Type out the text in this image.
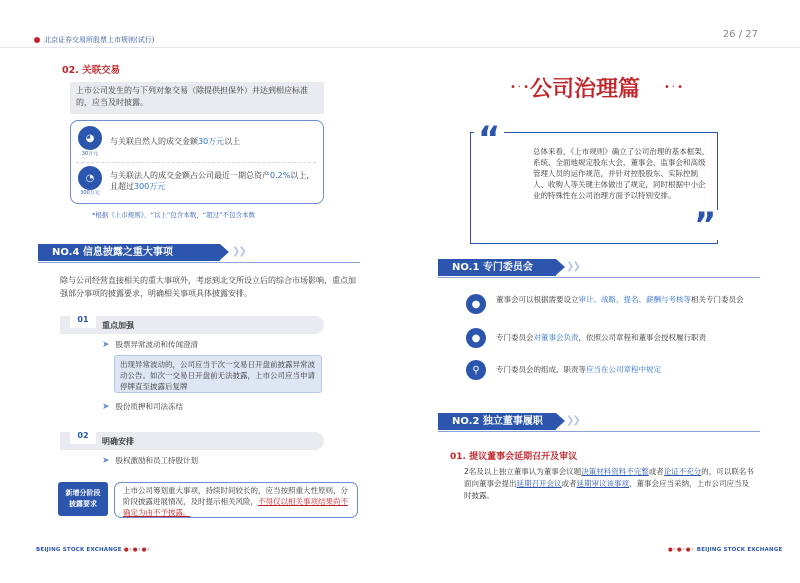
北京证券交易所股票上市规则(试行)	26 / 27
02. 关联交易
上市公司发生的与下列对象交易（除提供担保外）并达到相应标准的，应当及时披露。
◕
30万元
与关联自然人的成交金额30万元以上
◔
0.2%
300万元
与关联法人的成交金额占公司最近一期总资产0.2%以上，且超过300万元
*根据《上市规则》，“以上”包含本数，“超过”不包含本数
NO.4 信息披露之重大事项	❯❯
除与公司经营直接相关的重大事项外，考虑到北交所设立后的综合市场影响，重点加强部分事项的披露要求，明确相关事项具体披露安排。
01
重点加强
➤ 股票异常波动和传闻澄清
出现异常波动的，公司应当于次一交易日开盘前披露异常波动公告。如次一交易日开盘前无法披露，上市公司应当申请停牌直至披露后复牌
➤ 股份质押和司法冻结
02
明确安排
➤ 股权激励和员工持股计划
新增分阶段
披露要求
上市公司筹划重大事项，持续时间较长的，应当按照重大性原则，分阶段披露进展情况，及时提示相关风险，不得仅以相关事项结果尚不确定为由不予披露。
BEIJING STOCK EXCHANGE ●·●·●·
•·• 公司治理篇 •·•
“
”
总体来看，《上市规则》确立了公司治理的基本框架，系统、全面地规定股东大会、董事会、监事会和高级管理人员的运作规范，并针对控股股东、实际控制人、收购人等关键主体做出了规定，同时根据中小企业的特殊性在公司治理方面予以特别安排。
NO.1 专门委员会	❯❯
●	董事会可以根据需要设立审计、战略、提名、薪酬与考核等相关专门委员会
●	专门委员会对董事会负责，依照公司章程和董事会授权履行职责
⚲	专门委员会的组成、职责等应当在公司章程中规定
NO.2 独立董事履职	❯❯
01. 提议董事会延期召开及审议
2名及以上独立董事认为董事会议题决策材料资料不完整或者论证不充分的，可以联名书面向董事会提出延期召开会议或者延期审议该事项，董事会应当采纳，上市公司应当及时披露。
●·●·●· BEIJING STOCK EXCHANGE
